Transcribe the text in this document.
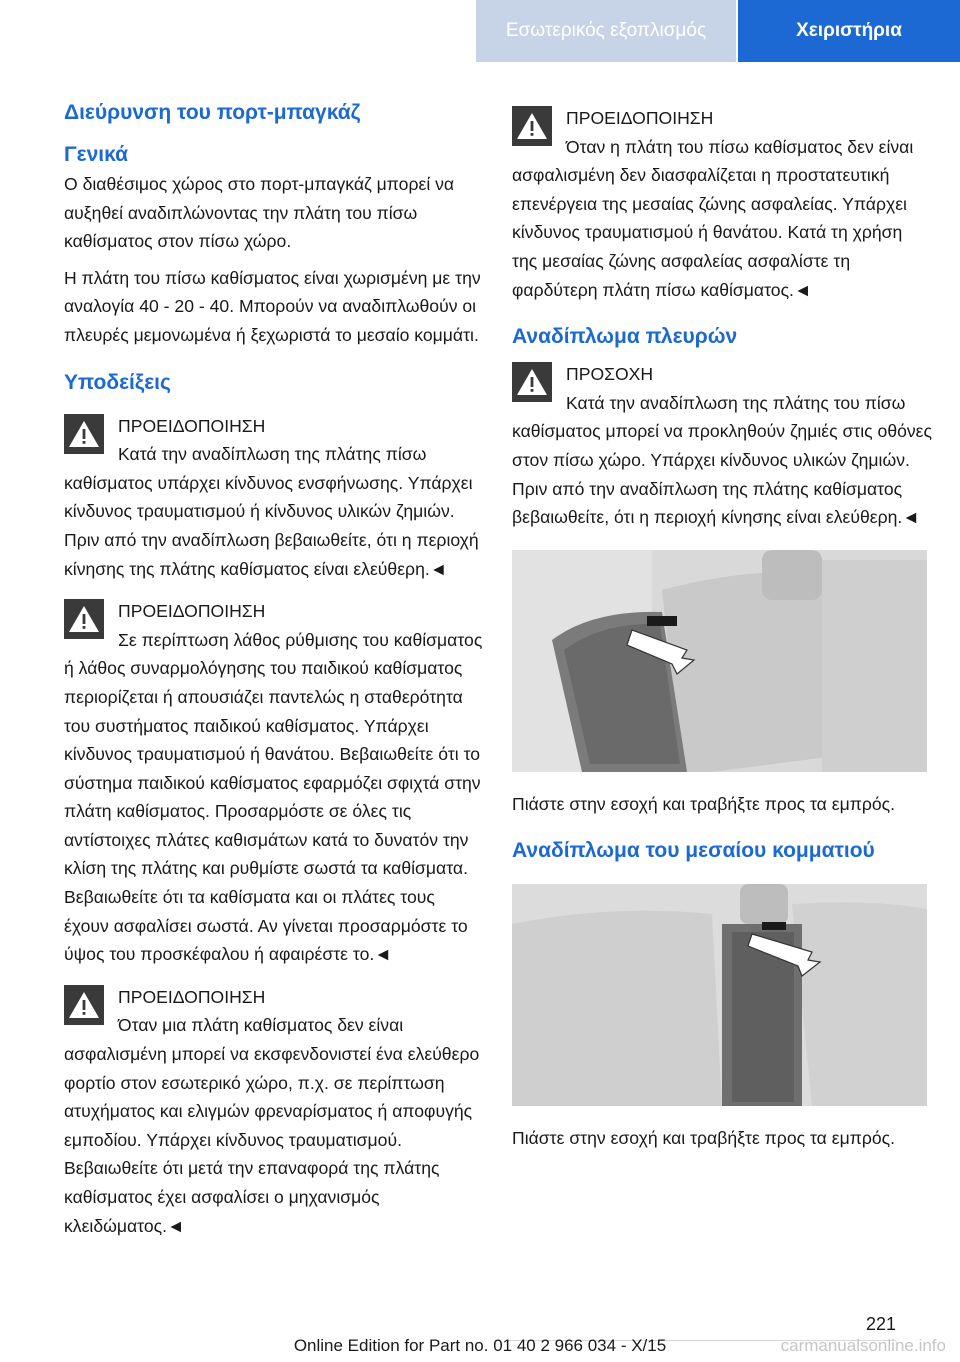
Εσωτερικός εξοπλισμός	Χειριστήρια
Διεύρυνση του πορτ-μπαγκάζ
Γενικά

Ο διαθέσιμος χώρος στο πορτ-μπαγκάζ μπορεί να αυξηθεί αναδιπλώνοντας την πλάτη του πίσω καθίσματος στον πίσω χώρο.

Η πλάτη του πίσω καθίσματος είναι χωρισμένη με την αναλογία 40 - 20 - 40. Μπορούν να αναδιπλωθούν οι πλευρές μεμονωμένα ή ξεχωριστά το μεσαίο κομμάτι.

Υποδείξεις
ΠΡΟΕΙΔΟΠΟΙΗΣΗ
Κατά την αναδίπλωση της πλάτης πίσω καθίσματος υπάρχει κίνδυνος ενσφήνωσης. Υπάρχει κίνδυνος τραυματισμού ή κίνδυνος υλικών ζημιών. Πριν από την αναδίπλωση βεβαιωθείτε, ότι η περιοχή κίνησης της πλάτης καθίσματος είναι ελεύθερη.◄
ΠΡΟΕΙΔΟΠΟΙΗΣΗ
Σε περίπτωση λάθος ρύθμισης του καθίσματος ή λάθος συναρμολόγησης του παιδικού καθίσματος περιορίζεται ή απουσιάζει παντελώς η σταθερότητα του συστήματος παιδικού καθίσματος. Υπάρχει κίνδυνος τραυματισμού ή θανάτου. Βεβαιωθείτε ότι το σύστημα παιδικού καθίσματος εφαρμόζει σφιχτά στην πλάτη καθίσματος. Προσαρμόστε σε όλες τις αντίστοιχες πλάτες καθισμάτων κατά το δυνατόν την κλίση της πλάτης και ρυθμίστε σωστά τα καθίσματα. Βεβαιωθείτε ότι τα καθίσματα και οι πλάτες τους έχουν ασφαλίσει σωστά. Αν γίνεται προσαρμόστε το ύψος του προσκέφαλου ή αφαιρέστε το.◄
ΠΡΟΕΙΔΟΠΟΙΗΣΗ
Όταν μια πλάτη καθίσματος δεν είναι ασφαλισμένη μπορεί να εκσφενδονιστεί ένα ελεύθερο φορτίο στον εσωτερικό χώρο, π.χ. σε περίπτωση ατυχήματος και ελιγμών φρεναρίσματος ή αποφυγής εμποδίου. Υπάρχει κίνδυνος τραυματισμού. Βεβαιωθείτε ότι μετά την επαναφορά της πλάτης καθίσματος έχει ασφαλίσει ο μηχανισμός κλειδώματος.◄
ΠΡΟΕΙΔΟΠΟΙΗΣΗ
Όταν η πλάτη του πίσω καθίσματος δεν είναι ασφαλισμένη δεν διασφαλίζεται η προστατευτική επενέργεια της μεσαίας ζώνης ασφαλείας. Υπάρχει κίνδυνος τραυματισμού ή θανάτου. Κατά τη χρήση της μεσαίας ζώνης ασφαλείας ασφαλίστε τη φαρδύτερη πλάτη πίσω καθίσματος.◄
Αναδίπλωμα πλευρών
ΠΡΟΣΟΧΗ
Κατά την αναδίπλωση της πλάτης του πίσω καθίσματος μπορεί να προκληθούν ζημιές στις οθόνες στον πίσω χώρο. Υπάρχει κίνδυνος υλικών ζημιών. Πριν από την αναδίπλωση της πλάτης καθίσματος βεβαιωθείτε, ότι η περιοχή κίνησης είναι ελεύθερη.◄

Πιάστε στην εσοχή και τραβήξτε προς τα εμπρός.

Αναδίπλωμα του μεσαίου κομματιού

Πιάστε στην εσοχή και τραβήξτε προς τα εμπρός.

221
Online Edition for Part no. 01 40 2 966 034 - X/15	carmanualsonline.info
